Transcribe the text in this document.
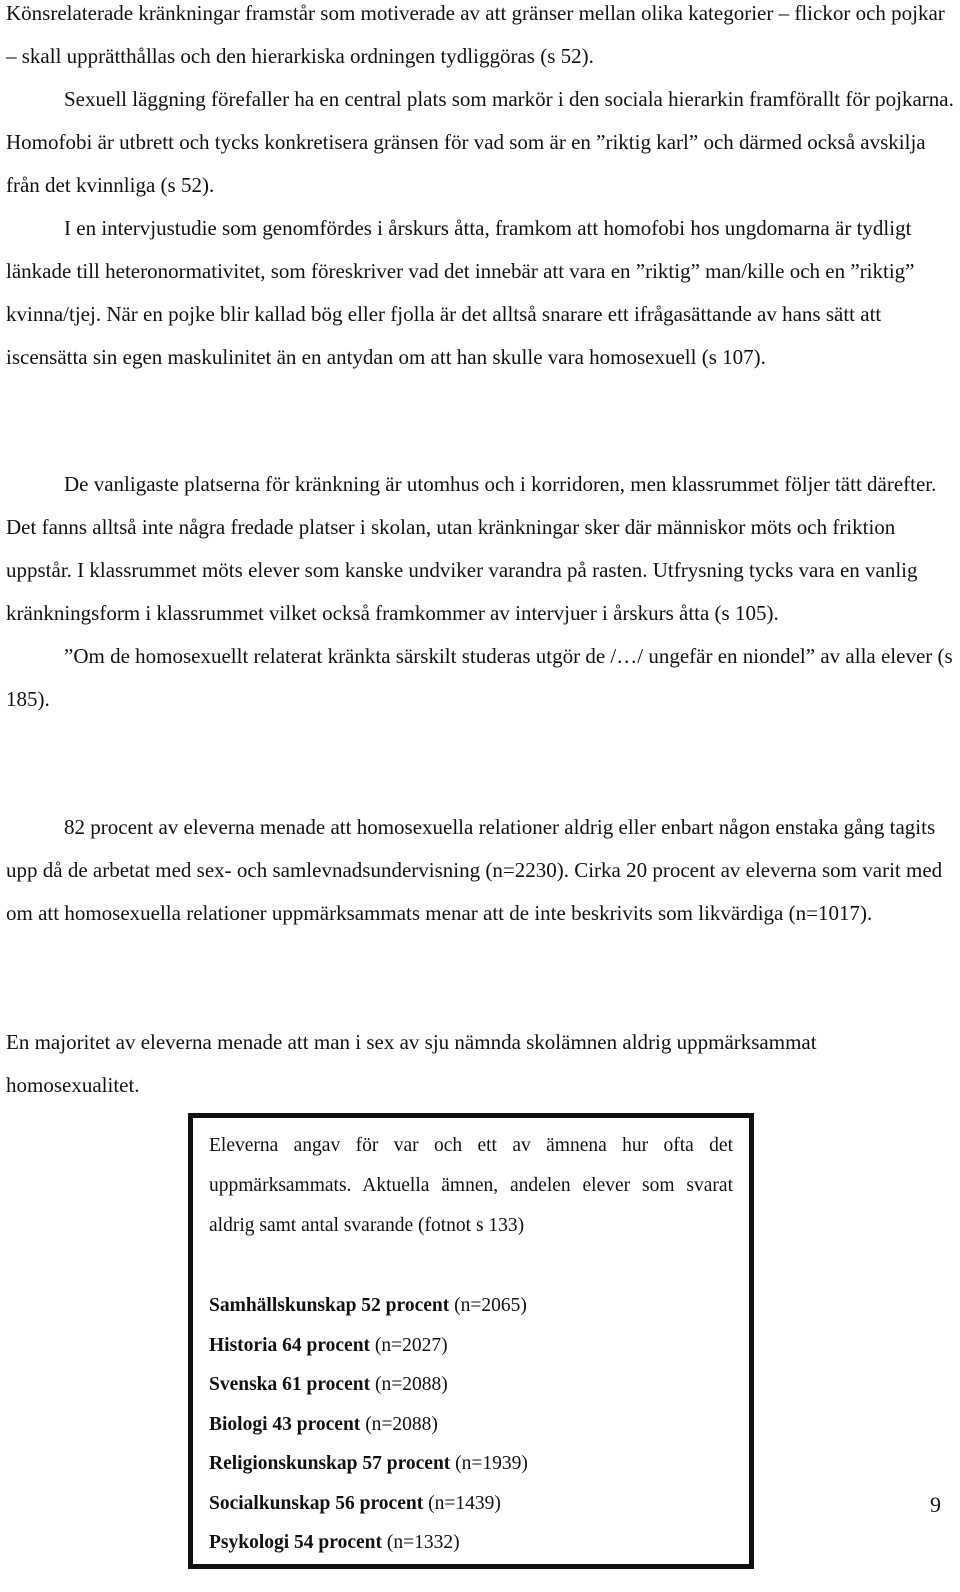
Könsrelaterade kränkningar framstår som motiverade av att gränser mellan olika kategorier – flickor och pojkar – skall upprätthållas och den hierarkiska ordningen tydliggöras (s 52).

Sexuell läggning förefaller ha en central plats som markör i den sociala hierarkin framförallt för pojkarna. Homofobi är utbrett och tycks konkretisera gränsen för vad som är en ”riktig karl” och därmed också avskilja från det kvinnliga (s 52).

I en intervjustudie som genomfördes i årskurs åtta, framkom att homofobi hos ungdomarna är tydligt länkade till heteronormativitet, som föreskriver vad det innebär att vara en ”riktig” man/kille och en ”riktig” kvinna/tjej. När en pojke blir kallad bög eller fjolla är det alltså snarare ett ifrågasättande av hans sätt att iscensätta sin egen maskulinitet än en antydan om att han skulle vara homosexuell (s 107).

De vanligaste platserna för kränkning är utomhus och i korridoren, men klassrummet följer tätt därefter. Det fanns alltså inte några fredade platser i skolan, utan kränkningar sker där människor möts och friktion uppstår. I klassrummet möts elever som kanske undviker varandra på rasten. Utfrysning tycks vara en vanlig kränkningsform i klassrummet vilket också framkommer av intervjuer i årskurs åtta (s 105).

”Om de homosexuellt relaterat kränkta särskilt studeras utgör de /…/ ungefär en niondel” av alla elever (s 185).

82 procent av eleverna menade att homosexuella relationer aldrig eller enbart någon enstaka gång tagits upp då de arbetat med sex- och samlevnadsundervisning (n=2230). Cirka 20 procent av eleverna som varit med om att homosexuella relationer uppmärksammats menar att de inte beskrivits som likvärdiga (n=1017).

En majoritet av eleverna menade att man i sex av sju nämnda skolämnen aldrig uppmärksammat homosexualitet.

Eleverna angav för var och ett av ämnena hur ofta det uppmärksammats. Aktuella ämnen, andelen elever som svarat aldrig samt antal svarande (fotnot s 133)

Samhällskunskap 52 procent (n=2065)
Historia 64 procent (n=2027)
Svenska 61 procent (n=2088)
Biologi 43 procent (n=2088)
Religionskunskap 57 procent (n=1939)
Socialkunskap 56 procent (n=1439)
Psykologi 54 procent (n=1332)
9
